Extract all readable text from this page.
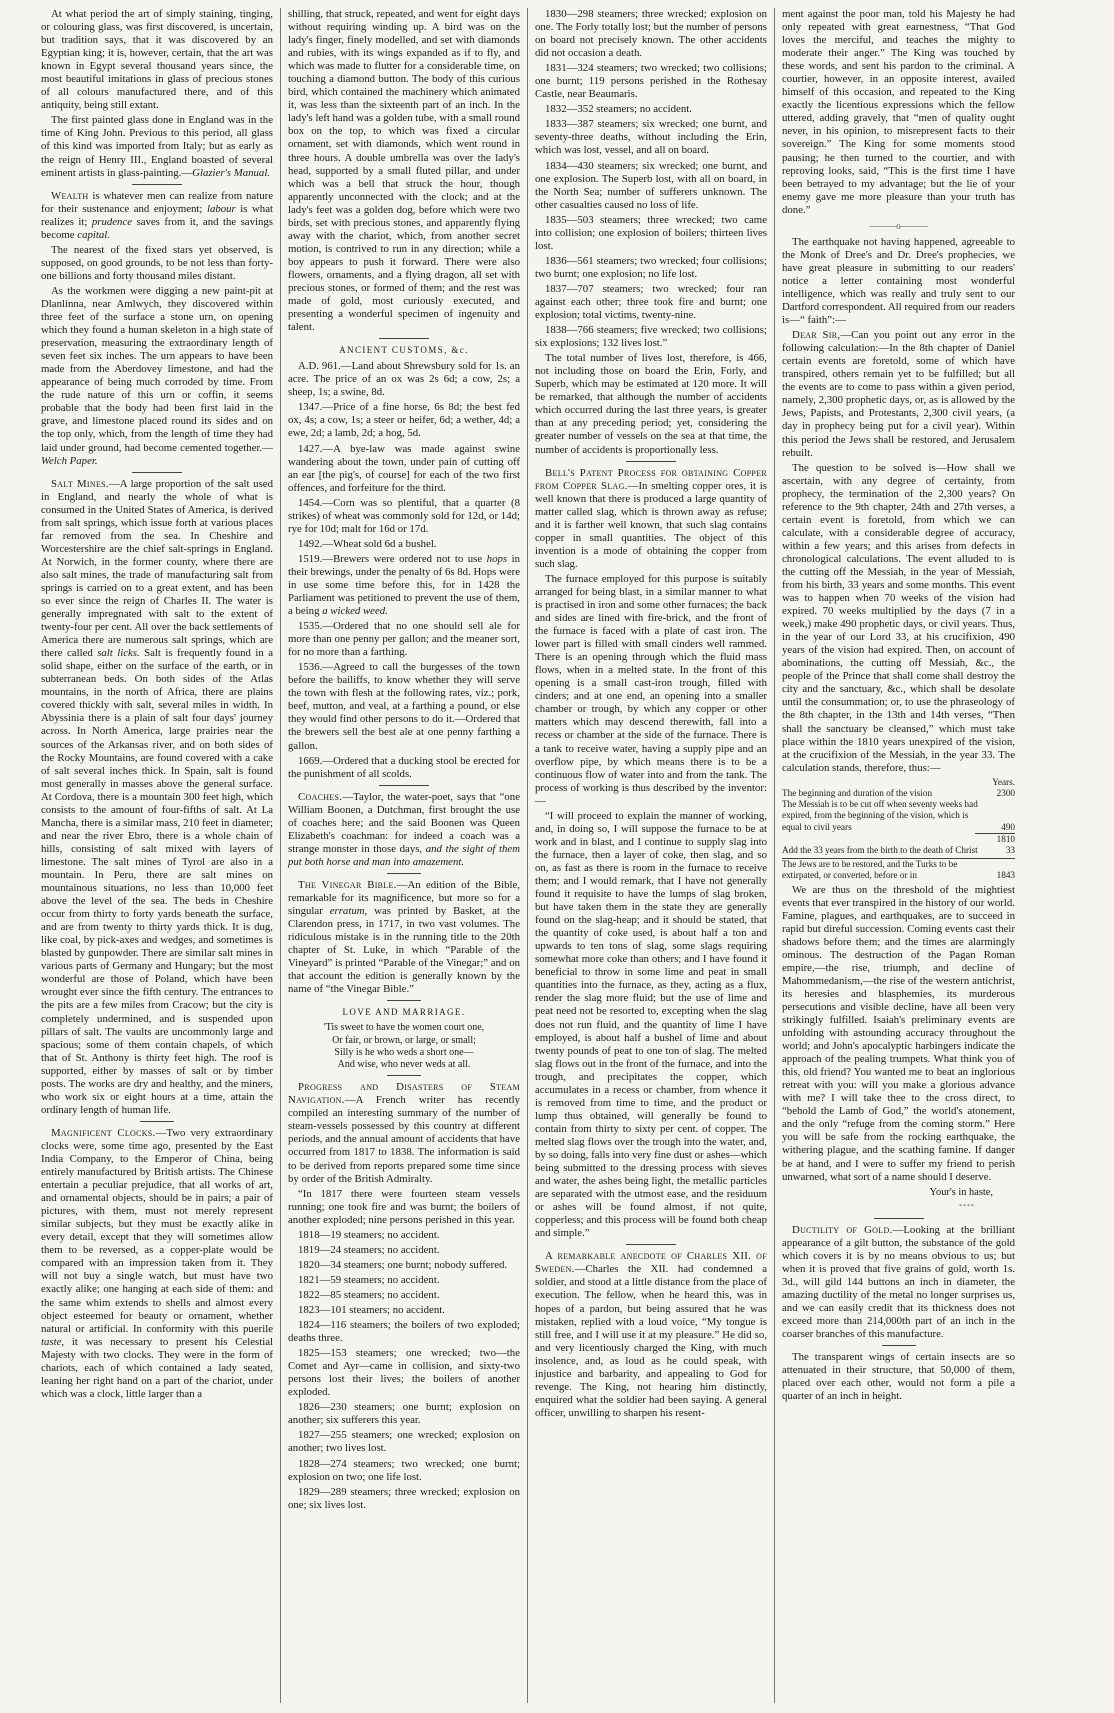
At what period the art of simply staining, tinging, or colouring glass, was first discovered, is uncertain, but tradition says, that it was discovered by an Egyptian king; it is, however, certain, that the art was known in Egypt several thousand years since, the most beautiful imitations in glass of precious stones of all colours manufactured there, and of this antiquity, being still extant.

The first painted glass done in England was in the time of King John. Previous to this period, all glass of this kind was imported from Italy; but as early as the reign of Henry III., England boasted of several eminent artists in glass-painting.—Glazier's Manual.

Wealth is whatever men can realize from nature for their sustenance and enjoyment; labour is what realizes it; prudence saves from it, and the savings become capital.

The nearest of the fixed stars yet observed, is supposed, on good grounds, to be not less than forty-one billions and forty thousand miles distant.

As the workmen were digging a new paint-pit at Dlanlinna, near Amlwych, they discovered within three feet of the surface a stone urn, on opening which they found a human skeleton in a high state of preservation, measuring the extraordinary length of seven feet six inches. The urn appears to have been made from the Aberdovey limestone, and had the appearance of being much corroded by time. From the rude nature of this urn or coffin, it seems probable that the body had been first laid in the grave, and limestone placed round its sides and on the top only, which, from the length of time they had laid under ground, had become cemented together.—Welch Paper.

Salt Mines.—A large proportion of the salt used in England, and nearly the whole of what is consumed in the United States of America, is derived from salt springs, which issue forth at various places far removed from the sea. In Cheshire and Worcestershire are the chief salt-springs in England. At Norwich, in the former county, where there are also salt mines, the trade of manufacturing salt from springs is carried on to a great extent, and has been so ever since the reign of Charles II. The water is generally impregnated with salt to the extent of twenty-four per cent. All over the back settlements of America there are numerous salt springs, which are there called salt licks. Salt is frequently found in a solid shape, either on the surface of the earth, or in subterranean beds. On both sides of the Atlas mountains, in the north of Africa, there are plains covered thickly with salt, several miles in width. In Abyssinia there is a plain of salt four days' journey across. In North America, large prairies near the sources of the Arkansas river, and on both sides of the Rocky Mountains, are found covered with a cake of salt several inches thick. In Spain, salt is found most generally in masses above the general surface. At Cordova, there is a mountain 300 feet high, which consists to the amount of four-fifths of salt. At La Mancha, there is a similar mass, 210 feet in diameter; and near the river Ebro, there is a whole chain of hills, consisting of salt mixed with layers of limestone. The salt mines of Tyrol are also in a mountain. In Peru, there are salt mines on mountainous situations, no less than 10,000 feet above the level of the sea. The beds in Cheshire occur from thirty to forty yards beneath the surface, and are from twenty to thirty yards thick. It is dug, like coal, by pick-axes and wedges, and sometimes is blasted by gunpowder. There are similar salt mines in various parts of Germany and Hungary; but the most wonderful are those of Poland, which have been wrought ever since the fifth century. The entrances to the pits are a few miles from Cracow; but the city is completely undermined, and is suspended upon pillars of salt. The vaults are uncommonly large and spacious; some of them contain chapels, of which that of St. Anthony is thirty feet high. The roof is supported, either by masses of salt or by timber posts. The works are dry and healthy, and the miners, who work six or eight hours at a time, attain the ordinary length of human life.

Magnificent Clocks.—Two very extraordinary clocks were, some time ago, presented by the East India Company, to the Emperor of China, being entirely manufactured by British artists. The Chinese entertain a peculiar prejudice, that all works of art, and ornamental objects, should be in pairs; a pair of pictures, with them, must not merely represent similar subjects, but they must be exactly alike in every detail, except that they will sometimes allow them to be reversed, as a copper-plate would be compared with an impression taken from it. They will not buy a single watch, but must have two exactly alike; one hanging at each side of them: and the same whim extends to shells and almost every object esteemed for beauty or ornament, whether natural or artificial. In conformity with this puerile taste, it was necessary to present his Celestial Majesty with two clocks. They were in the form of chariots, each of which contained a lady seated, leaning her right hand on a part of the chariot, under which was a clock, little larger than a

shilling, that struck, repeated, and went for eight days without requiring winding up. A bird was on the lady's finger, finely modelled, and set with diamonds and rubies, with its wings expanded as if to fly, and which was made to flutter for a considerable time, on touching a diamond button. The body of this curious bird, which contained the machinery which animated it, was less than the sixteenth part of an inch. In the lady's left hand was a golden tube, with a small round box on the top, to which was fixed a circular ornament, set with diamonds, which went round in three hours. A double umbrella was over the lady's head, supported by a small fluted pillar, and under which was a bell that struck the hour, though apparently unconnected with the clock; and at the lady's feet was a golden dog, before which were two birds, set with precious stones, and apparently flying away with the chariot, which, from another secret motion, is contrived to run in any direction; while a boy appears to push it forward. There were also flowers, ornaments, and a flying dragon, all set with precious stones, or formed of them; and the rest was made of gold, most curiously executed, and presenting a wonderful specimen of ingenuity and talent.

ANCIENT CUSTOMS, &c.

A.D. 961.—Land about Shrewsbury sold for 1s. an acre. The price of an ox was 2s 6d; a cow, 2s; a sheep, 1s; a swine, 8d.

1347.—Price of a fine horse, 6s 8d; the best fed ox, 4s; a cow, 1s; a steer or heifer, 6d; a wether, 4d; a ewe, 2d; a lamb, 2d; a hog, 5d.

1427.—A bye-law was made against swine wandering about the town, under pain of cutting off an ear [the pig's, of course] for each of the two first offences, and forfeiture for the third.

1454.—Corn was so plentiful, that a quarter (8 strikes) of wheat was commonly sold for 12d, or 14d; rye for 10d; malt for 16d or 17d.

1492.—Wheat sold 6d a bushel.

1519.—Brewers were ordered not to use hops in their brewings, under the penalty of 6s 8d. Hops were in use some time before this, for in 1428 the Parliament was petitioned to prevent the use of them, a being a wicked weed.

1535.—Ordered that no one should sell ale for more than one penny per gallon; and the meaner sort, for no more than a farthing.

1536.—Agreed to call the burgesses of the town before the bailiffs, to know whether they will serve the town with flesh at the following rates, viz.; pork, beef, mutton, and veal, at a farthing a pound, or else they would find other persons to do it.—Ordered that the brewers sell the best ale at one penny farthing a gallon.

1669.—Ordered that a ducking stool be erected for the punishment of all scolds.

Coaches.—Taylor, the water-poet, says that “one William Boonen, a Dutchman, first brought the use of coaches here; and the said Boonen was Queen Elizabeth's coachman: for indeed a coach was a strange monster in those days, and the sight of them put both horse and man into amazement.

The Vinegar Bible.—An edition of the Bible, remarkable for its magnificence, but more so for a singular erratum, was printed by Basket, at the Clarendon press, in 1717, in two vast volumes. The ridiculous mistake is in the running title to the 20th chapter of St. Luke, in which “Parable of the Vineyard” is printed “Parable of the Vinegar;” and on that account the edition is generally known by the name of “the Vinegar Bible.”

LOVE AND MARRIAGE.

'Tis sweet to have the women court one,

Or fair, or brown, or large, or small;

Silly is he who weds a short one—

And wise, who never weds at all.

Progress and Disasters of Steam Navigation.—A French writer has recently compiled an interesting summary of the number of steam-vessels possessed by this country at different periods, and the annual amount of accidents that have occurred from 1817 to 1838. The information is said to be derived from reports prepared some time since by order of the British Admiralty.

“In 1817 there were fourteen steam vessels running; one took fire and was burnt; the boilers of another exploded; nine persons perished in this year.

1818—19 steamers; no accident.

1819—24 steamers; no accident.

1820—34 steamers; one burnt; nobody suffered.

1821—59 steamers; no accident.

1822—85 steamers; no accident.

1823—101 steamers; no accident.

1824—116 steamers; the boilers of two exploded; deaths three.

1825—153 steamers; one wrecked; two—the Comet and Ayr—came in collision, and sixty-two persons lost their lives; the boilers of another exploded.

1826—230 steamers; one burnt; explosion on another; six sufferers this year.

1827—255 steamers; one wrecked; explosion on another; two lives lost.

1828—274 steamers; two wrecked; one burnt; explosion on two; one life lost.

1829—289 steamers; three wrecked; explosion on one; six lives lost.

1830—298 steamers; three wrecked; explosion on one. The Forly totally lost; but the number of persons on board not precisely known. The other accidents did not occasion a death.

1831—324 steamers; two wrecked; two collisions; one burnt; 119 persons perished in the Rothesay Castle, near Beaumaris.

1832—352 steamers; no accident.

1833—387 steamers; six wrecked; one burnt, and seventy-three deaths, without including the Erin, which was lost, vessel, and all on board.

1834—430 steamers; six wrecked; one burnt, and one explosion. The Superb lost, with all on board, in the North Sea; number of sufferers unknown. The other casualties caused no loss of life.

1835—503 steamers; three wrecked; two came into collision; one explosion of boilers; thirteen lives lost.

1836—561 steamers; two wrecked; four collisions; two burnt; one explosion; no life lost.

1837—707 steamers; two wrecked; four ran against each other; three took fire and burnt; one explosion; total victims, twenty-nine.

1838—766 steamers; five wrecked; two collisions; six explosions; 132 lives lost.”

The total number of lives lost, therefore, is 466, not including those on board the Erin, Forly, and Superb, which may be estimated at 120 more. It will be remarked, that although the number of accidents which occurred during the last three years, is greater than at any preceding period; yet, considering the greater number of vessels on the sea at that time, the number of accidents is proportionally less.

Bell's Patent Process for obtaining Copper from Copper Slag.—In smelting copper ores, it is well known that there is produced a large quantity of matter called slag, which is thrown away as refuse; and it is farther well known, that such slag contains copper in small quantities. The object of this invention is a mode of obtaining the copper from such slag.

The furnace employed for this purpose is suitably arranged for being blast, in a similar manner to what is practised in iron and some other furnaces; the back and sides are lined with fire-brick, and the front of the furnace is faced with a plate of cast iron. The lower part is filled with small cinders well rammed. There is an opening through which the fluid mass flows, when in a melted state. In the front of this opening is a small cast-iron trough, filled with cinders; and at one end, an opening into a smaller chamber or trough, by which any copper or other matters which may descend therewith, fall into a recess or chamber at the side of the furnace. There is a tank to receive water, having a supply pipe and an overflow pipe, by which means there is to be a continuous flow of water into and from the tank. The process of working is thus described by the inventor:—

“I will proceed to explain the manner of working, and, in doing so, I will suppose the furnace to be at work and in blast, and I continue to supply slag into the furnace, then a layer of coke, then slag, and so on, as fast as there is room in the furnace to receive them; and I would remark, that I have not generally found it requisite to have the lumps of slag broken, but have taken them in the state they are generally found on the slag-heap; and it should be stated, that the quantity of coke used, is about half a ton and upwards to ten tons of slag, some slags requiring somewhat more coke than others; and I have found it beneficial to throw in some lime and peat in small quantities into the furnace, as they, acting as a flux, render the slag more fluid; but the use of lime and peat need not be resorted to, excepting when the slag does not run fluid, and the quantity of lime I have employed, is about half a bushel of lime and about twenty pounds of peat to one ton of slag. The melted slag flows out in the front of the furnace, and into the trough, and precipitates the copper, which accumulates in a recess or chamber, from whence it is removed from time to time, and the product or lump thus obtained, will generally be found to contain from thirty to sixty per cent. of copper. The melted slag flows over the trough into the water, and, by so doing, falls into very fine dust or ashes—which being submitted to the dressing process with sieves and water, the ashes being light, the metallic particles are separated with the utmost ease, and the residuum or ashes will be found almost, if not quite, copperless; and this process will be found both cheap and simple.”

A remarkable anecdote of Charles XII. of Sweden.—Charles the XII. had condemned a soldier, and stood at a little distance from the place of execution. The fellow, when he heard this, was in hopes of a pardon, but being assured that he was mistaken, replied with a loud voice, “My tongue is still free, and I will use it at my pleasure.” He did so, and very licentiously charged the King, with much insolence, and, as loud as he could speak, with injustice and barbarity, and appealing to God for revenge. The King, not hearing him distinctly, enquired what the soldier had been saying. A general officer, unwilling to sharpen his resent-

ment against the poor man, told his Majesty he had only repeated with great earnestness, “That God loves the merciful, and teaches the mighty to moderate their anger.” The King was touched by these words, and sent his pardon to the criminal. A courtier, however, in an opposite interest, availed himself of this occasion, and repeated to the King exactly the licentious expressions which the fellow uttered, adding gravely, that “men of quality ought never, in his opinion, to misrepresent facts to their sovereign.” The King for some moments stood pausing; he then turned to the courtier, and with reproving looks, said, “This is the first time I have been betrayed to my advantage; but the lie of your enemy gave me more pleasure than your truth has done.”

———o———

The earthquake not having happened, agreeable to the Monk of Dree's and Dr. Dree's prophecies, we have great pleasure in submitting to our readers' notice a letter containing most wonderful intelligence, which was really and truly sent to our Dartford correspondent. All required from our readers is—“ faith”:—

Dear Sir,—Can you point out any error in the following calculation:—In the 8th chapter of Daniel certain events are foretold, some of which have transpired, others remain yet to be fulfilled; but all the events are to come to pass within a given period, namely, 2,300 prophetic days, or, as is allowed by the Jews, Papists, and Protestants, 2,300 civil years, (a day in prophecy being put for a civil year). Within this period the Jews shall be restored, and Jerusalem rebuilt.

The question to be solved is—How shall we ascertain, with any degree of certainty, from prophecy, the termination of the 2,300 years? On reference to the 9th chapter, 24th and 27th verses, a certain event is foretold, from which we can calculate, with a considerable degree of accuracy, within a few years; and this arises from defects in chronological calculations. The event alluded to is the cutting off the Messiah, in the year of Messiah, from his birth, 33 years and some months. This event was to happen when 70 weeks of the vision had expired. 70 weeks multiplied by the days (7 in a week,) make 490 prophetic days, or civil years. Thus, in the year of our Lord 33, at his crucifixion, 490 years of the vision had expired. Then, on account of abominations, the cutting off Messiah, &c., the people of the Prince that shall come shall destroy the city and the sanctuary, &c., which shall be desolate until the consummation; or, to use the phraseology of the 8th chapter, in the 13th and 14th verses, “Then shall the sanctuary be cleansed,” which must take place within the 1810 years unexpired of the vision, at the crucifixion of the Messiah, in the year 33. The calculation stands, therefore, thus:—

Years.
The beginning and duration of the vision	2300
The Messiah is to be cut off when seventy weeks had expired, from the beginning of the vision, which is equal to civil years	490
1810
Add the 33 years from the birth to the death of Christ	33
The Jews are to be restored, and the Turks to be extirpated, or converted, before or in	1843

We are thus on the threshold of the mightiest events that ever transpired in the history of our world. Famine, plagues, and earthquakes, are to succeed in rapid but direful succession. Coming events cast their shadows before them; and the times are alarmingly ominous. The destruction of the Pagan Roman empire,—the rise, triumph, and decline of Mahommedanism,—the rise of the western antichrist, its heresies and blasphemies, its murderous persecutions and visible decline, have all been very strikingly fulfilled. Isaiah's preliminary events are unfolding with astounding accuracy throughout the world; and John's apocalyptic harbingers indicate the approach of the pealing trumpets. What think you of this, old friend? You wanted me to beat an inglorious retreat with you: will you make a glorious advance with me? I will take thee to the cross direct, to “behold the Lamb of God,” the world's atonement, and the only “refuge from the coming storm.” Here you will be safe from the rocking earthquake, the withering plague, and the scathing famine. If danger be at hand, and I were to suffer my friend to perish unwarned, what sort of a name should I deserve.

Your's in haste,

****

Ductility of Gold.—Looking at the brilliant appearance of a gilt button, the substance of the gold which covers it is by no means obvious to us; but when it is proved that five grains of gold, worth 1s. 3d., will gild 144 buttons an inch in diameter, the amazing ductility of the metal no longer surprises us, and we can easily credit that its thickness does not exceed more than 214,000th part of an inch in the coarser branches of this manufacture.

The transparent wings of certain insects are so attenuated in their structure, that 50,000 of them, placed over each other, would not form a pile a quarter of an inch in height.
